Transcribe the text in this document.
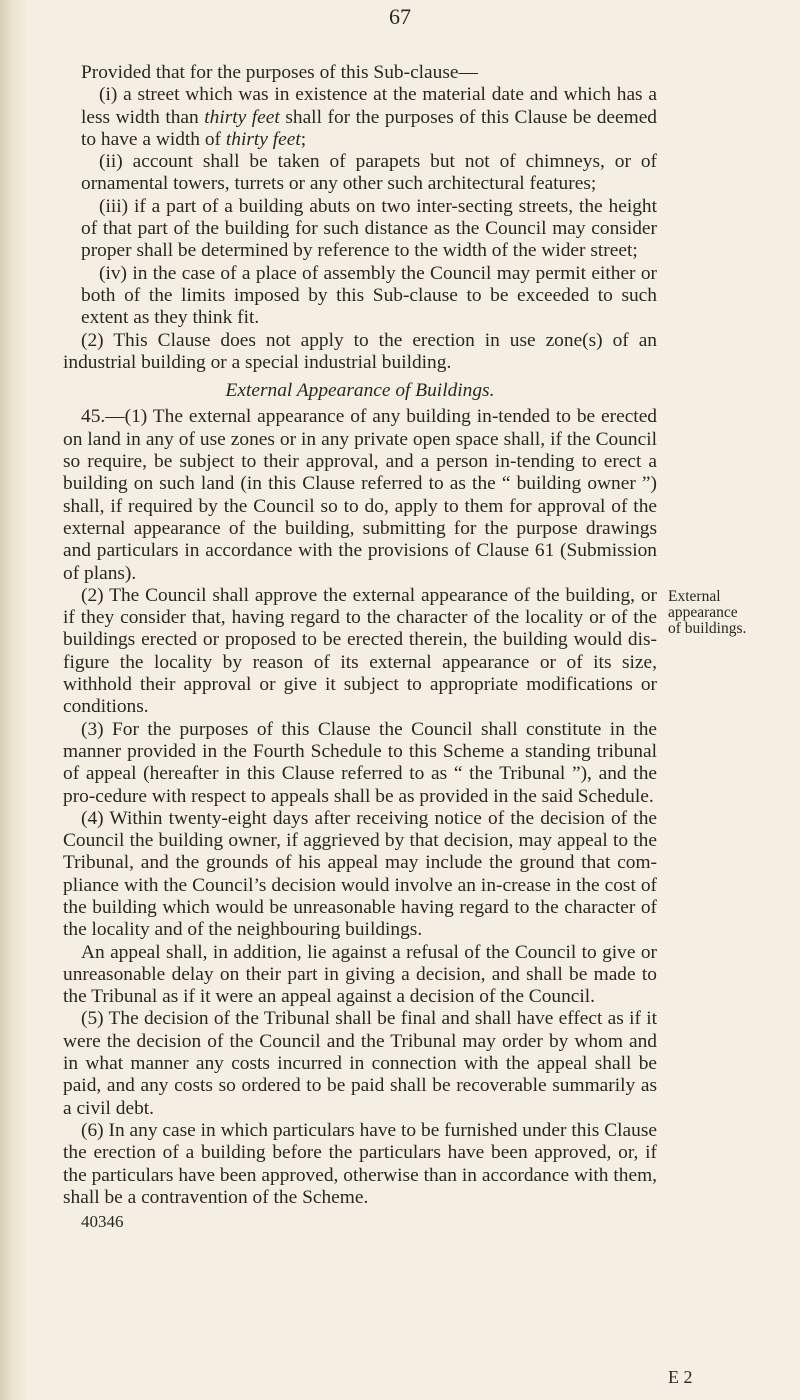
67

Provided that for the purposes of this Sub-clause—

(i) a street which was in existence at the material date and which has a less width than thirty feet shall for the purposes of this Clause be deemed to have a width of thirty feet;

(ii) account shall be taken of parapets but not of chimneys, or of ornamental towers, turrets or any other such architectural features;

(iii) if a part of a building abuts on two inter-secting streets, the height of that part of the building for such distance as the Council may consider proper shall be determined by reference to the width of the wider street;

(iv) in the case of a place of assembly the Council may permit either or both of the limits imposed by this Sub-clause to be exceeded to such extent as they think fit.

(2) This Clause does not apply to the erection in use zone(s) of an industrial building or a special industrial building.

External Appearance of Buildings.

45.—(1) The external appearance of any building in-tended to be erected on land in any of use zones or in any private open space shall, if the Council so require, be subject to their approval, and a person in-tending to erect a building on such land (in this Clause referred to as the “ building owner ”) shall, if required by the Council so to do, apply to them for approval of the external appearance of the building, submitting for the purpose drawings and particulars in accordance with the provisions of Clause 61 (Submission of plans).

(2) The Council shall approve the external appearance of the building, or if they consider that, having regard to the character of the locality or of the buildings erected or proposed to be erected therein, the building would dis-figure the locality by reason of its external appearance or of its size, withhold their approval or give it subject to appropriate modifications or conditions.

(3) For the purposes of this Clause the Council shall constitute in the manner provided in the Fourth Schedule to this Scheme a standing tribunal of appeal (hereafter in this Clause referred to as “ the Tribunal ”), and the pro-cedure with respect to appeals shall be as provided in the said Schedule.

(4) Within twenty-eight days after receiving notice of the decision of the Council the building owner, if aggrieved by that decision, may appeal to the Tribunal, and the grounds of his appeal may include the ground that com-pliance with the Council’s decision would involve an in-crease in the cost of the building which would be unreasonable having regard to the character of the locality and of the neighbouring buildings.

An appeal shall, in addition, lie against a refusal of the Council to give or unreasonable delay on their part in giving a decision, and shall be made to the Tribunal as if it were an appeal against a decision of the Council.

(5) The decision of the Tribunal shall be final and shall have effect as if it were the decision of the Council and the Tribunal may order by whom and in what manner any costs incurred in connection with the appeal shall be paid, and any costs so ordered to be paid shall be recoverable summarily as a civil debt.

(6) In any case in which particulars have to be furnished under this Clause the erection of a building before the particulars have been approved, or, if the particulars have been approved, otherwise than in accordance with them, shall be a contravention of the Scheme.

40346

External
appearance
of buildings.
E 2
